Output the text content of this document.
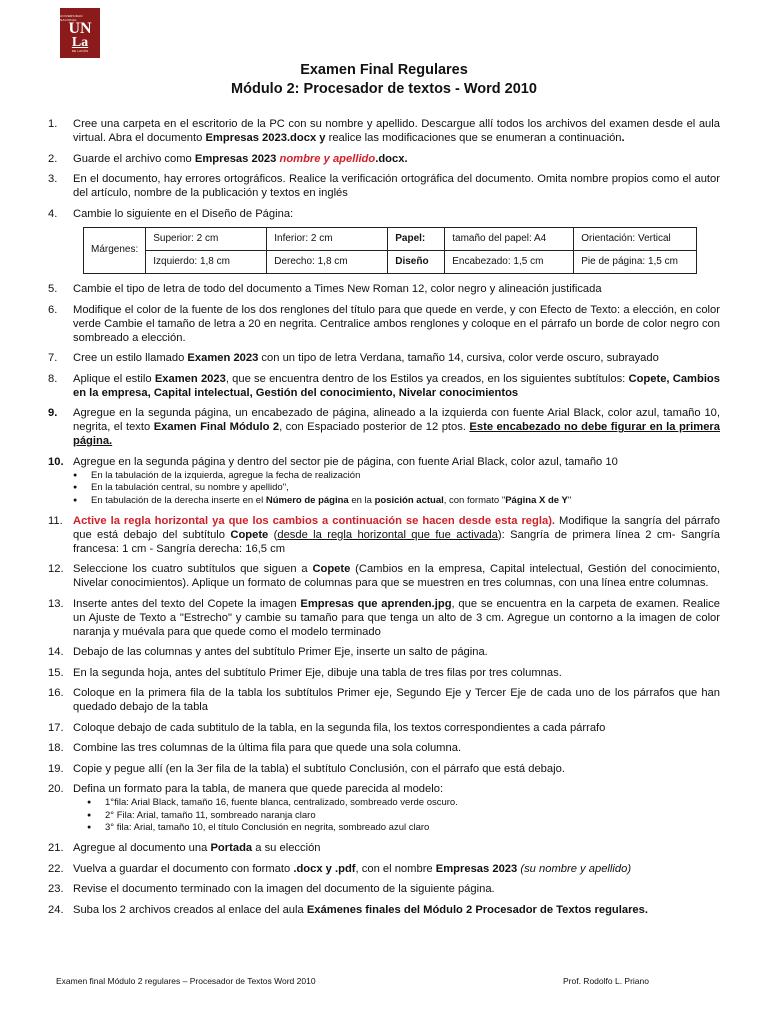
UNIVERSIDAD NACIONAL
UN
La
DE LANÚS
Examen Final Regulares
Módulo 2: Procesador de textos - Word 2010
1.	Cree una carpeta en el escritorio de la PC con su nombre y apellido. Descargue allí todos los archivos del examen desde el aula virtual. Abra el documento Empresas 2023.docx y realice las modificaciones que se enumeran a continuación.
2.	Guarde el archivo como Empresas 2023 nombre y apellido.docx.
3.	En el documento, hay errores ortográficos. Realice la verificación ortográfica del documento. Omita nombre propios como el autor del artículo, nombre de la publicación y textos en inglés
4.	Cambie lo siguiente en el Diseño de Página:
Márgenes:	Superior: 2 cm	Inferior: 2 cm	Papel:	tamaño del papel: A4	Orientación: Vertical
	Izquierdo: 1,8 cm	Derecho: 1,8 cm	Diseño	Encabezado: 1,5 cm	Pie de página: 1,5 cm
5.	Cambie el tipo de letra de todo del documento a Times New Roman 12, color negro y alineación justificada
6.	Modifique el color de la fuente de los dos renglones del título para que quede en verde, y con Efecto de Texto: a elección, en color verde Cambie el tamaño de letra a 20 en negrita. Centralice ambos renglones y coloque en el párrafo un borde de color negro con sombreado a elección.
7.	Cree un estilo llamado Examen 2023 con un tipo de letra Verdana, tamaño 14, cursiva, color verde oscuro, subrayado
8.	Aplique el estilo Examen 2023, que se encuentra dentro de los Estilos ya creados, en los siguientes subtítulos: Copete, Cambios en la empresa, Capital intelectual, Gestión del conocimiento, Nivelar conocimientos
9.	Agregue en la segunda página, un encabezado de página, alineado a la izquierda con fuente Arial Black, color azul, tamaño 10, negrita, el texto Examen Final Módulo 2, con Espaciado posterior de 12 ptos. Este encabezado no debe figurar en la primera página.
10. Agregue en la segunda página y dentro del sector pie de página, con fuente Arial Black, color azul, tamaño 10
● En la tabulación de la izquierda, agregue la fecha de realización
● En la tabulación central, su nombre y apellido",
● En tabulación de la derecha inserte en el Número de página en la posición actual, con formato "Página X de Y"
11. Active la regla horizontal ya que los cambios a continuación se hacen desde esta regla). Modifique la sangría del párrafo que está debajo del subtítulo Copete (desde la regla horizontal que fue activada): Sangría de primera línea 2 cm- Sangría francesa: 1 cm - Sangría derecha: 16,5 cm
12. Seleccione los cuatro subtítulos que siguen a Copete (Cambios en la empresa, Capital intelectual, Gestión del conocimiento, Nivelar conocimientos). Aplique un formato de columnas para que se muestren en tres columnas, con una línea entre columnas.
13. Inserte antes del texto del Copete la imagen Empresas que aprenden.jpg, que se encuentra en la carpeta de examen. Realice un Ajuste de Texto a "Estrecho" y cambie su tamaño para que tenga un alto de 3 cm. Agregue un contorno a la imagen de color naranja y muévala para que quede como el modelo terminado
14. Debajo de las columnas y antes del subtítulo Primer Eje, inserte un salto de página.
15. En la segunda hoja, antes del subtítulo Primer Eje, dibuje una tabla de tres filas por tres columnas.
16. Coloque en la primera fila de la tabla los subtítulos Primer eje, Segundo Eje y Tercer Eje de cada uno de los párrafos que han quedado debajo de la tabla
17. Coloque debajo de cada subtitulo de la tabla, en la segunda fila, los textos correspondientes a cada párrafo
18. Combine las tres columnas de la última fila para que quede una sola columna.
19. Copie y pegue allí (en la 3er fila de la tabla) el subtítulo Conclusión, con el párrafo que está debajo.
20. Defina un formato para la tabla, de manera que quede parecida al modelo:
● 1°fila: Arial Black, tamaño 16, fuente blanca, centralizado, sombreado verde oscuro.
● 2° Fila: Arial, tamaño 11, sombreado naranja claro
● 3° fila: Arial, tamaño 10, el título Conclusión en negrita, sombreado azul claro
21. Agregue al documento una Portada a su elección
22. Vuelva a guardar el documento con formato .docx y .pdf, con el nombre Empresas 2023 (su nombre y apellido)
23. Revise el documento terminado con la imagen del documento de la siguiente página.
24. Suba los 2 archivos creados al enlace del aula Exámenes finales del Módulo 2 Procesador de Textos regulares.
Examen final Módulo 2 regulares – Procesador de Textos Word 2010	Prof. Rodolfo L. Priano
